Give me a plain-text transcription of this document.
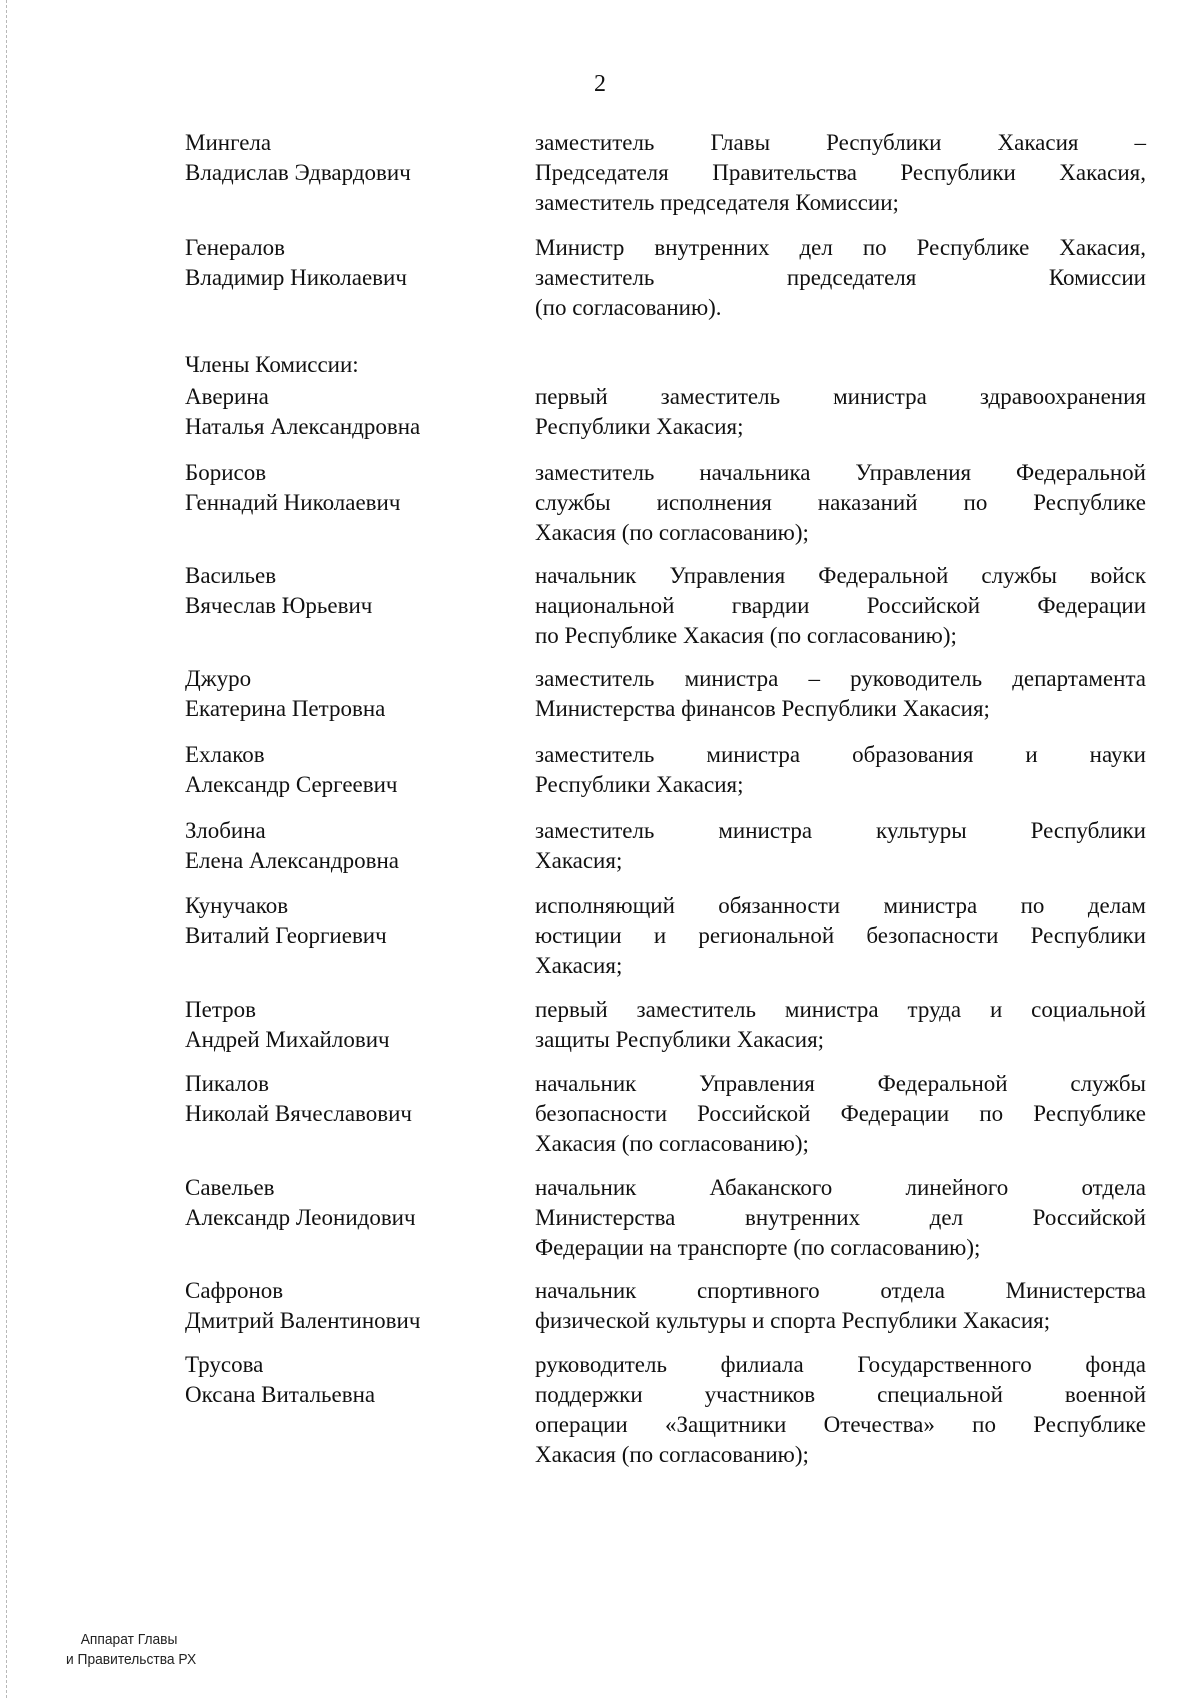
2
Мингела
Владислав Эдвардович
заместитель Главы Республики Хакасия –
Председателя Правительства Республики Хакасия,
заместитель председателя Комиссии;
Генералов
Владимир Николаевич
Министр внутренних дел по Республике Хакасия,
заместитель председателя Комиссии
(по согласованию).
Члены Комиссии:
Аверина
Наталья Александровна
первый заместитель министра здравоохранения
Республики Хакасия;
Борисов
Геннадий Николаевич
заместитель начальника Управления Федеральной
службы исполнения наказаний по Республике
Хакасия (по согласованию);
Васильев
Вячеслав Юрьевич
начальник Управления Федеральной службы войск
национальной гвардии Российской Федерации
по Республике Хакасия (по согласованию);
Джуро
Екатерина Петровна
заместитель министра – руководитель департамента
Министерства финансов Республики Хакасия;
Ехлаков
Александр Сергеевич
заместитель министра образования и науки
Республики Хакасия;
Злобина
Елена Александровна
заместитель министра культуры Республики
Хакасия;
Кунучаков
Виталий Георгиевич
исполняющий обязанности министра по делам
юстиции и региональной безопасности Республики
Хакасия;
Петров
Андрей Михайлович
первый заместитель министра труда и социальной
защиты Республики Хакасия;
Пикалов
Николай Вячеславович
начальник Управления Федеральной службы
безопасности Российской Федерации по Республике
Хакасия (по согласованию);
Савельев
Александр Леонидович
начальник Абаканского линейного отдела
Министерства внутренних дел Российской
Федерации на транспорте (по согласованию);
Сафронов
Дмитрий Валентинович
начальник спортивного отдела Министерства
физической культуры и спорта Республики Хакасия;
Трусова
Оксана Витальевна
руководитель филиала Государственного фонда
поддержки участников специальной военной
операции «Защитники Отечества» по Республике
Хакасия (по согласованию);
Аппарат Главы
и Правительства РХ
